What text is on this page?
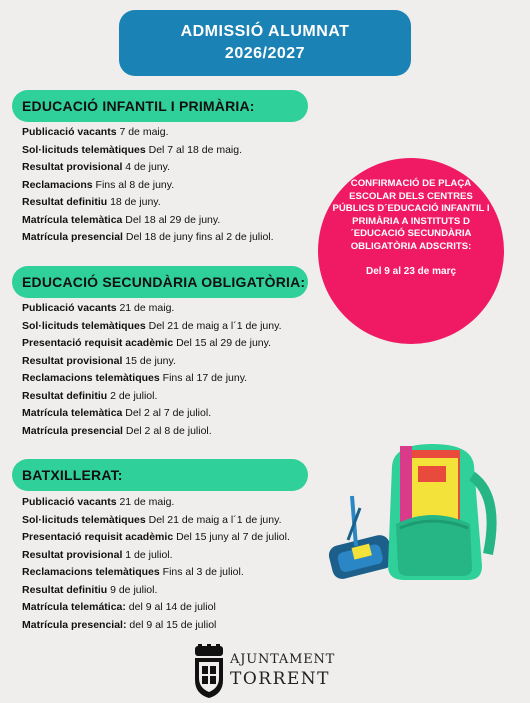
ADMISSIÓ ALUMNAT
2026/2027
EDUCACIÓ INFANTIL I PRIMÀRIA:
Publicació vacants 7 de maig.
Sol·licituds telemàtiques Del 7 al 18 de maig.
Resultat provisional 4 de juny.
Reclamacions Fins al 8 de juny.
Resultat definitiu 18 de juny.
Matrícula telemàtica Del 18 al 29 de juny.
Matrícula presencial Del 18 de juny fins al 2 de juliol.
EDUCACIÓ SECUNDÀRIA OBLIGATÒRIA:
Publicació vacants 21 de maig.
Sol·licituds telemàtiques Del 21 de maig a l´1 de juny.
Presentació requisit acadèmic Del 15 al 29 de juny.
Resultat provisional 15 de juny.
Reclamacions telemàtiques Fins al 17 de juny.
Resultat definitiu 2 de juliol.
Matrícula telemàtica Del 2 al 7 de juliol.
Matrícula presencial Del 2 al 8 de juliol.
BATXILLERAT:
Publicació vacants 21 de maig.
Sol·licituds telemàtiques Del 21 de maig a l´1 de juny.
Presentació requisit acadèmic Del 15 juny al 7 de juliol.
Resultat provisional 1 de juliol.
Reclamacions telemàtiques Fins al 3 de juliol.
Resultat definitiu 9 de juliol.
Matrícula telemática: del 9 al 14 de juliol
Matrícula presencial: del 9 al 15 de juliol
CONFIRMACIÓ DE PLAÇA ESCOLAR DELS CENTRES PÚBLICS D´EDUCACIÓ INFANTIL I PRIMÀRIA A INSTITUTS D´EDUCACIÓ SECUNDÀRIA OBLIGATÒRIA ADSCRITS:
Del 9 al 23 de març
AJUNTAMENT
TORRENT
